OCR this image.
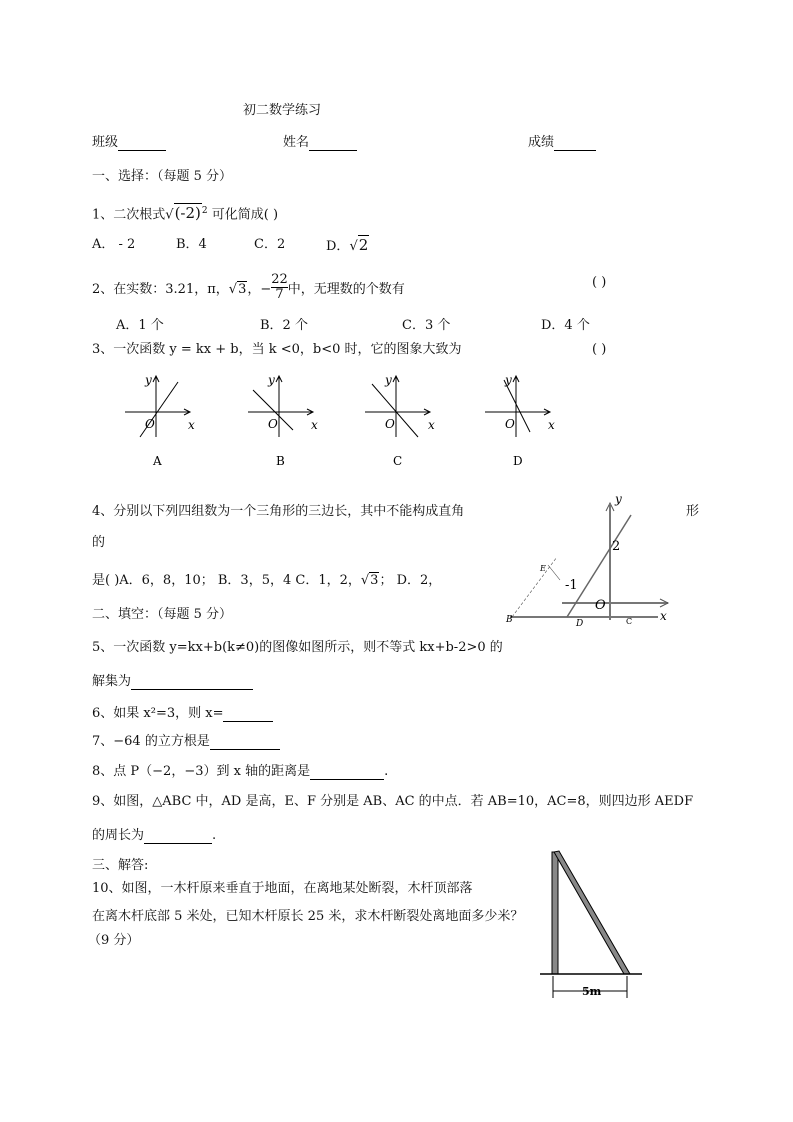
初二数学练习
班级	姓名	成绩
一、选择：（每题 5 分）
1、二次根式$√(-2)^2$ 可化简成( )
A． - 2	B．4	C．2	D．√2
2、在实数：3.21，π，√3，− $\frac{22}{7}$ 中，无理数的个数有	( )
A．1 个	B．2 个	C．3 个	D．4 个
3、一次函数 y = kx + b，当 k <0，b<0 时，它的图象大致为	( )
y
x
O
A
y
x
O
B
y
x
O
C
y
x
O
D
4、分别以下列四组数为一个三角形的三边长，其中不能构成直角	形
的
是( )A．6，8，10； B．3，5，4 C．1，2，√3； D．2，
y
x
O
2
-1
B	D
E
C
二、填空：（每题 5 分）
5、一次函数 y=kx+b(k≠0)的图像如图所示，则不等式 kx+b-2>0 的
解集为
6、如果 x²=3，则 x=
7、−64 的立方根是
8、点 P（−2，−3）到 x 轴的距离是	.
9、如图，△ABC 中，AD 是高，E、F 分别是 AB、AC 的中点．若 AB=10，AC=8，则四边形 AEDF
的周长为	.
三、解答:
10、如图，一木杆原来垂直于地面，在离地某处断裂，木杆顶部落
在离木杆底部 5 米处，已知木杆原长 25 米，求木杆断裂处离地面多少米？
（9 分）
5m
